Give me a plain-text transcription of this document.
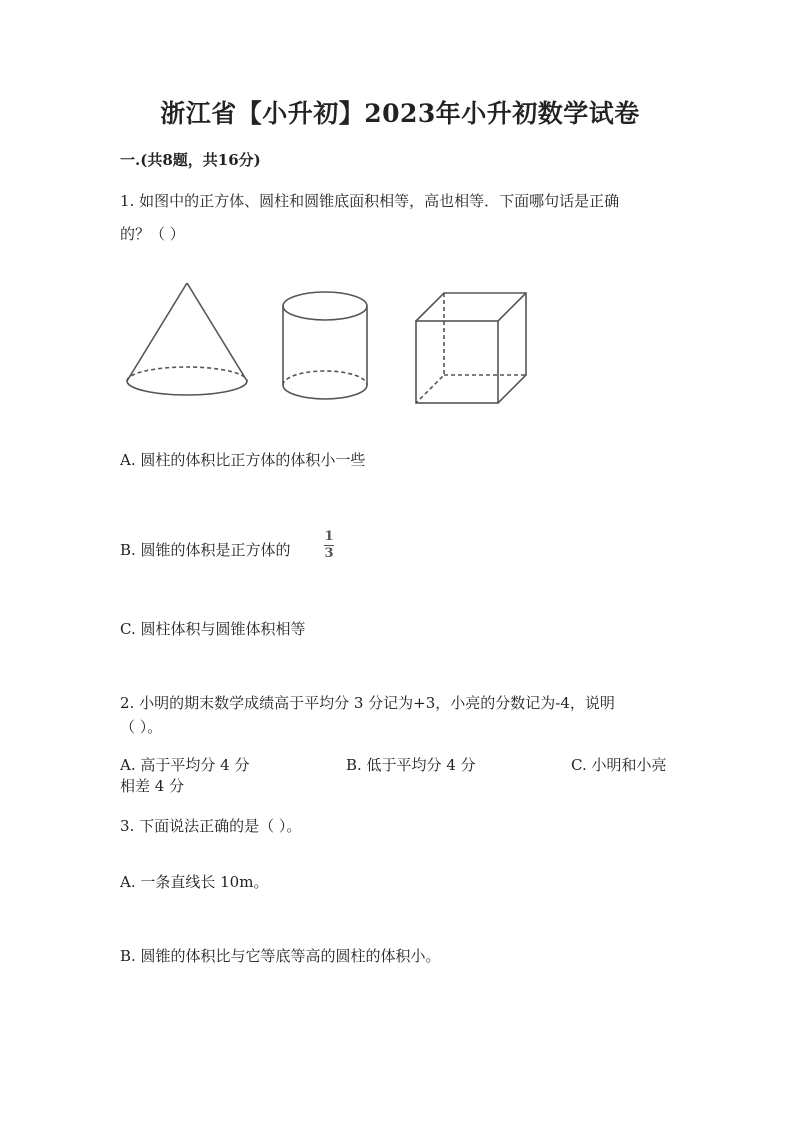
浙江省【小升初】2023年小升初数学试卷
一.(共8题，共16分)
1. 如图中的正方体、圆柱和圆锥底面积相等，高也相等．下面哪句话是正确
的？（ ）
A. 圆柱的体积比正方体的体积小一些
B. 圆锥的体积是正方体的
1
3
C. 圆柱体积与圆锥体积相等
2. 小明的期末数学成绩高于平均分 3 分记为+3，小亮的分数记为-4，说明
（ ）。
A. 高于平均分 4 分	B. 低于平均分 4 分	C. 小明和小亮
相差 4 分
3. 下面说法正确的是（ ）。
A. 一条直线长 10m。
B. 圆锥的体积比与它等底等高的圆柱的体积小。
